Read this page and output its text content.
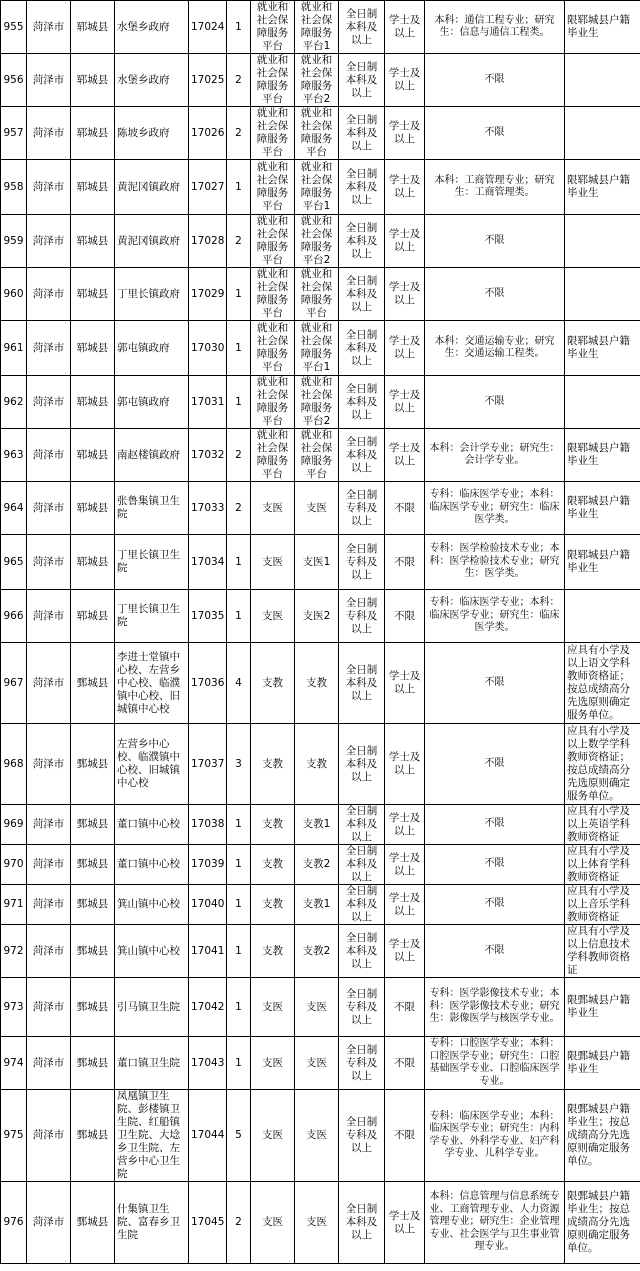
955	菏泽市	郓城县	水堡乡政府	17024	1	就业和社会保障服务平台	就业和社会保障服务平台1	全日制本科及以上	学士及以上	本科：通信工程专业；研究生：信息与通信工程类。	限郓城县户籍毕业生
956	菏泽市	郓城县	水堡乡政府	17025	2	就业和社会保障服务平台	就业和社会保障服务平台2	全日制本科及以上	学士及以上	不限	
957	菏泽市	郓城县	陈坡乡政府	17026	2	就业和社会保障服务平台	就业和社会保障服务平台	全日制本科及以上	学士及以上	不限	
958	菏泽市	郓城县	黄泥冈镇政府	17027	1	就业和社会保障服务平台	就业和社会保障服务平台1	全日制本科及以上	学士及以上	本科：工商管理专业；研究生：工商管理类。	限郓城县户籍毕业生
959	菏泽市	郓城县	黄泥冈镇政府	17028	2	就业和社会保障服务平台	就业和社会保障服务平台2	全日制本科及以上	学士及以上	不限	
960	菏泽市	郓城县	丁里长镇政府	17029	1	就业和社会保障服务平台	就业和社会保障服务平台	全日制本科及以上	学士及以上	不限	
961	菏泽市	郓城县	郭屯镇政府	17030	1	就业和社会保障服务平台	就业和社会保障服务平台1	全日制本科及以上	学士及以上	本科：交通运输专业；研究生：交通运输工程类。	限郓城县户籍毕业生
962	菏泽市	郓城县	郭屯镇政府	17031	1	就业和社会保障服务平台	就业和社会保障服务平台2	全日制本科及以上	学士及以上	不限	
963	菏泽市	郓城县	南赵楼镇政府	17032	2	就业和社会保障服务平台	就业和社会保障服务平台	全日制本科及以上	学士及以上	本科：会计学专业；研究生：会计学专业。	限郓城县户籍毕业生
964	菏泽市	郓城县	张鲁集镇卫生院	17033	2	支医	支医	全日制专科及以上	不限	专科：临床医学专业；本科：临床医学专业；研究生：临床医学类。	限郓城县户籍毕业生
965	菏泽市	郓城县	丁里长镇卫生院	17034	1	支医	支医1	全日制专科及以上	不限	专科：医学检验技术专业；本科：医学检验技术专业；研究生：医学类。	限郓城县户籍毕业生
966	菏泽市	郓城县	丁里长镇卫生院	17035	1	支医	支医2	全日制专科及以上	不限	专科：临床医学专业；本科：临床医学专业；研究生：临床医学类。	
967	菏泽市	鄄城县	李进士堂镇中心校、左营乡中心校、临濮镇中心校、旧城镇中心校	17036	4	支教	支教	全日制本科及以上	学士及以上	不限	应具有小学及以上语文学科教师资格证；按总成绩高分先选原则确定服务单位。
968	菏泽市	鄄城县	左营乡中心校、临濮镇中心校、旧城镇中心校	17037	3	支教	支教	全日制本科及以上	学士及以上	不限	应具有小学及以上数学学科教师资格证；按总成绩高分先选原则确定服务单位。
969	菏泽市	鄄城县	董口镇中心校	17038	1	支教	支教1	全日制本科及以上	学士及以上	不限	应具有小学及以上英语学科教师资格证
970	菏泽市	鄄城县	董口镇中心校	17039	1	支教	支教2	全日制本科及以上	学士及以上	不限	应具有小学及以上体育学科教师资格证
971	菏泽市	鄄城县	箕山镇中心校	17040	1	支教	支教1	全日制本科及以上	学士及以上	不限	应具有小学及以上音乐学科教师资格证
972	菏泽市	鄄城县	箕山镇中心校	17041	1	支教	支教2	全日制本科及以上	学士及以上	不限	应具有小学及以上信息技术学科教师资格证
973	菏泽市	鄄城县	引马镇卫生院	17042	1	支医	支医	全日制专科及以上	不限	专科：医学影像技术专业；本科：医学影像技术专业；研究生：影像医学与核医学专业。	限鄄城县户籍毕业生
974	菏泽市	鄄城县	董口镇卫生院	17043	1	支医	支医	全日制专科及以上	不限	专科：口腔医学专业；本科：口腔医学专业；研究生：口腔基础医学专业、口腔临床医学专业。	限鄄城县户籍毕业生
975	菏泽市	鄄城县	凤凰镇卫生院、彭楼镇卫生院、红船镇卫生院、大埝乡卫生院、左营乡中心卫生院	17044	5	支医	支医	全日制专科及以上	不限	专科：临床医学专业；本科：临床医学专业；研究生：内科学专业、外科学专业、妇产科学专业、儿科学专业。	限鄄城县户籍毕业生；按总成绩高分先选原则确定服务单位。
976	菏泽市	鄄城县	什集镇卫生院、富春乡卫生院	17045	2	支医	支医	全日制本科及以上	学士及以上	本科：信息管理与信息系统专业、工商管理专业、人力资源管理专业；研究生：企业管理专业、社会医学与卫生事业管理专业。	限鄄城县户籍毕业生；按总成绩高分先选原则确定服务单位。
